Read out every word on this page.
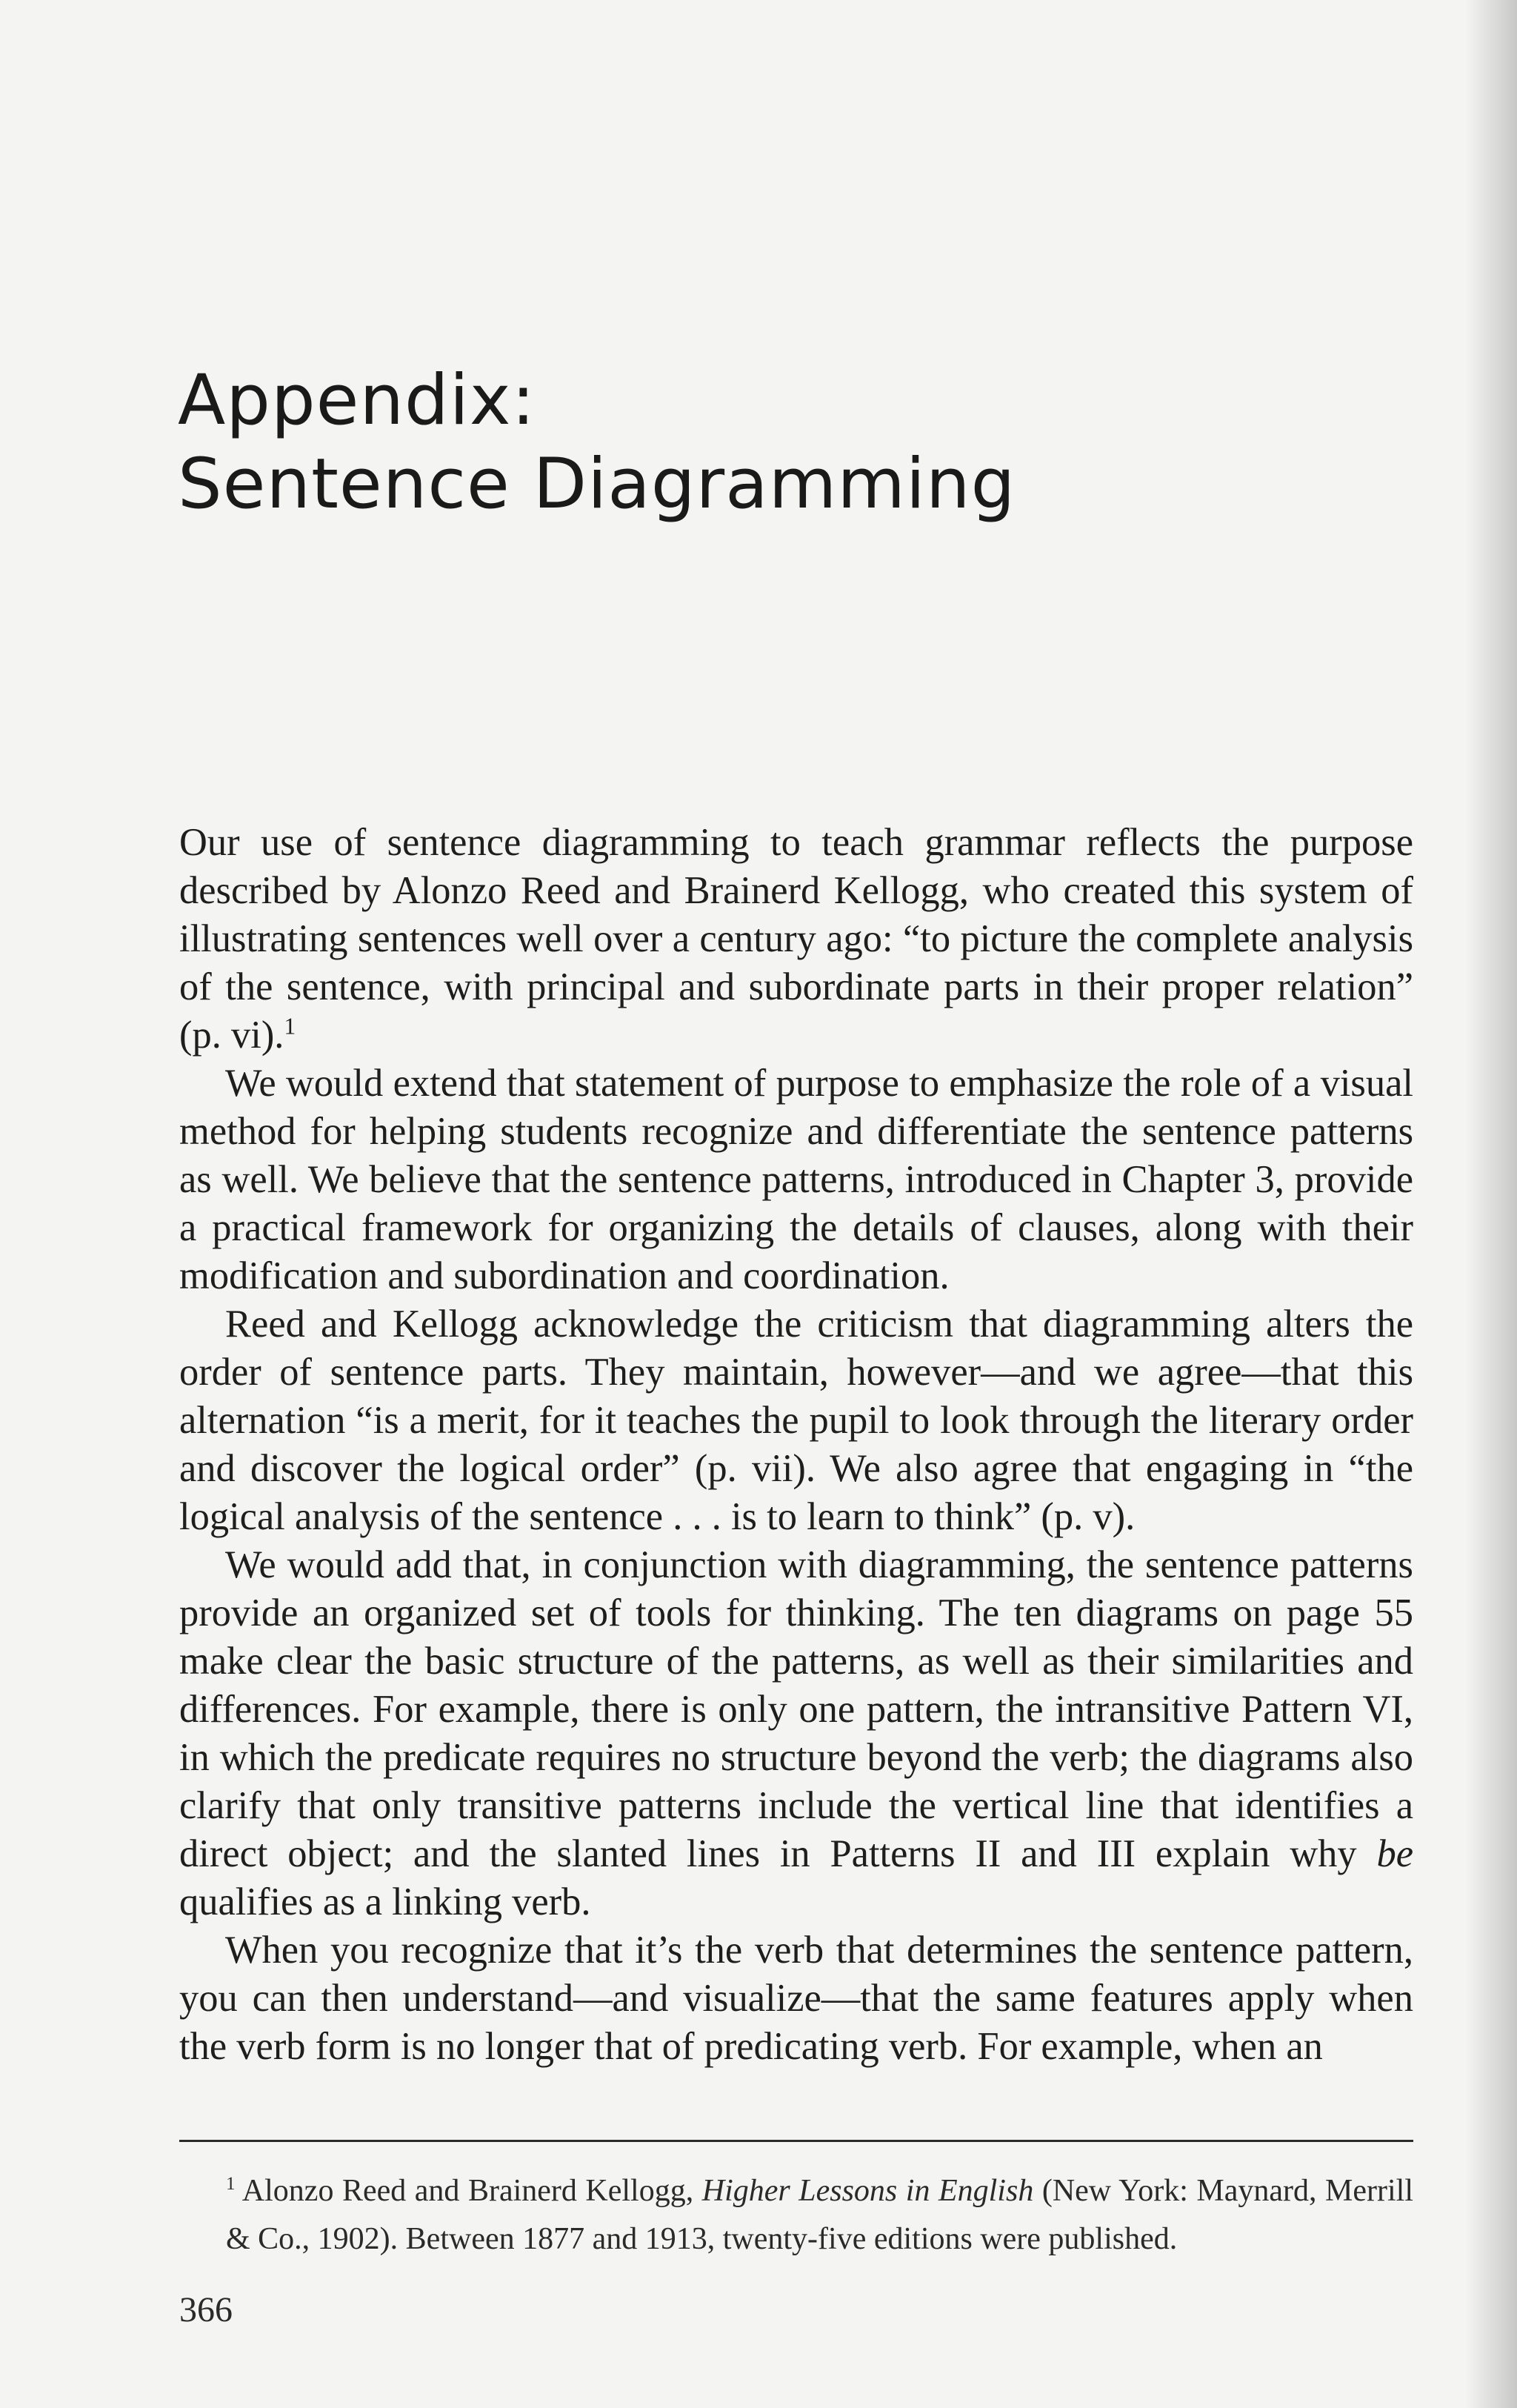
Appendix:
Sentence Diagramming

Our use of sentence diagramming to teach grammar reflects the purpose described by Alonzo Reed and Brainerd Kellogg, who created this system of illustrating sentences well over a century ago: “to picture the complete analysis of the sentence, with principal and subordinate parts in their proper relation” (p. vi).$^1$

We would extend that statement of purpose to emphasize the role of a visual method for helping students recognize and differentiate the sentence patterns as well. We believe that the sentence patterns, introduced in Chapter 3, provide a practical framework for organizing the details of clauses, along with their modification and subordination and coordination.

Reed and Kellogg acknowledge the criticism that diagramming alters the order of sentence parts. They maintain, however—and we agree—that this alternation “is a merit, for it teaches the pupil to look through the literary order and discover the logical order” (p. vii). We also agree that engaging in “the logical analysis of the sentence . . . is to learn to think” (p. v).

We would add that, in conjunction with diagramming, the sentence patterns provide an organized set of tools for thinking. The ten diagrams on page 55 make clear the basic structure of the patterns, as well as their similarities and differences. For example, there is only one pattern, the intransitive Pattern VI, in which the predicate requires no structure beyond the verb; the diagrams also clarify that only transitive patterns include the vertical line that identifies a direct object; and the slanted lines in Patterns II and III explain why be qualifies as a linking verb.

When you recognize that it’s the verb that determines the sentence pattern, you can then understand—and visualize—that the same features apply when the verb form is no longer that of predicating verb. For example, when an

$^1$ Alonzo Reed and Brainerd Kellogg, Higher Lessons in English (New York: Maynard, Merrill & Co., 1902). Between 1877 and 1913, twenty-five editions were published.
366
